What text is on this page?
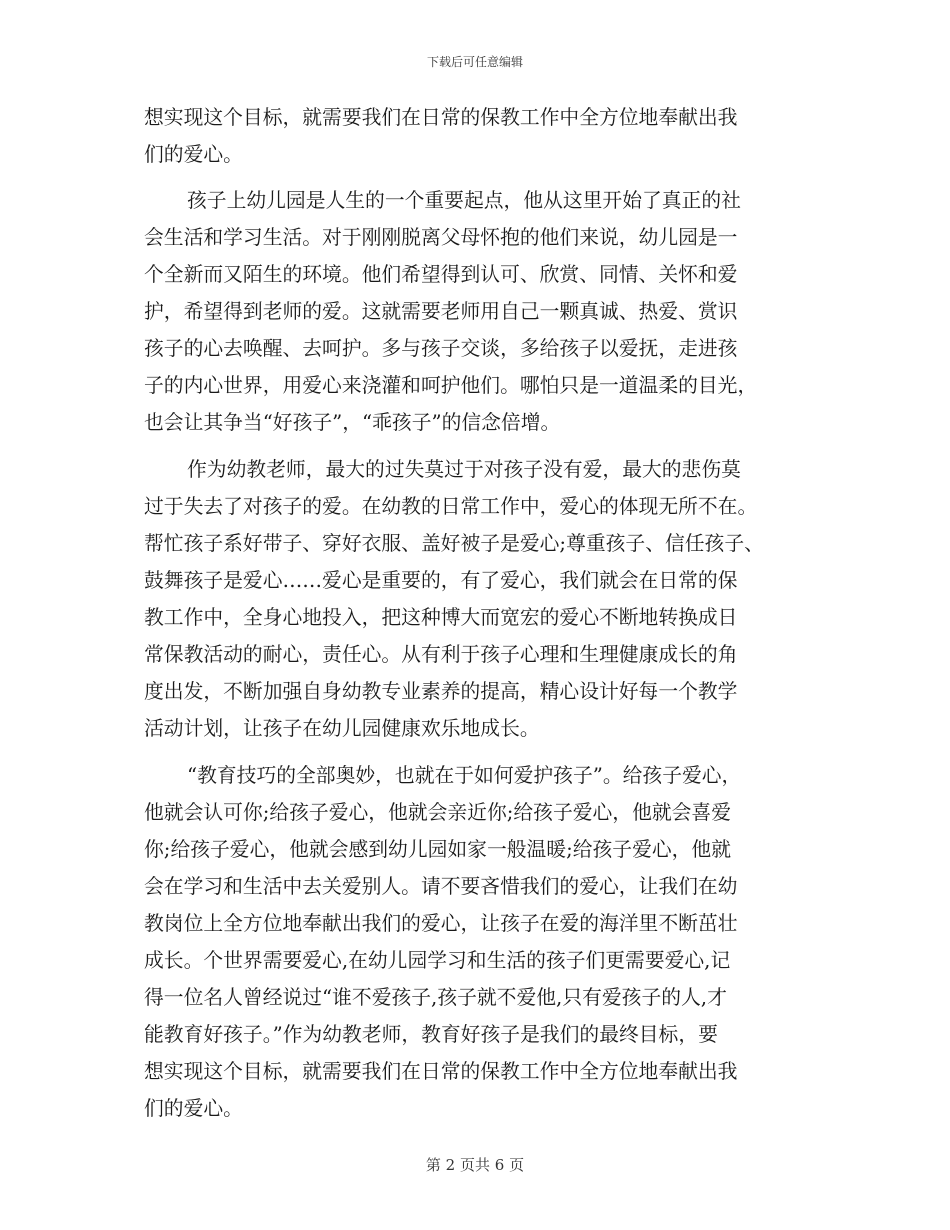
下载后可任意编辑
想实现这个目标，就需要我们在日常的保教工作中全方位地奉献出我
们的爱心。
孩子上幼儿园是人生的一个重要起点，他从这里开始了真正的社
会生活和学习生活。对于刚刚脱离父母怀抱的他们来说，幼儿园是一
个全新而又陌生的环境。他们希望得到认可、欣赏、同情、关怀和爱
护，希望得到老师的爱。这就需要老师用自己一颗真诚、热爱、赏识
孩子的心去唤醒、去呵护。多与孩子交谈，多给孩子以爱抚，走进孩
子的内心世界，用爱心来浇灌和呵护他们。哪怕只是一道温柔的目光，
也会让其争当“好孩子”，“乖孩子”的信念倍增。
作为幼教老师，最大的过失莫过于对孩子没有爱，最大的悲伤莫
过于失去了对孩子的爱。在幼教的日常工作中，爱心的体现无所不在。
帮忙孩子系好带子、穿好衣服、盖好被子是爱心;尊重孩子、信任孩子、
鼓舞孩子是爱心……爱心是重要的，有了爱心，我们就会在日常的保
教工作中，全身心地投入，把这种博大而宽宏的爱心不断地转换成日
常保教活动的耐心，责任心。从有利于孩子心理和生理健康成长的角
度出发，不断加强自身幼教专业素养的提高，精心设计好每一个教学
活动计划，让孩子在幼儿园健康欢乐地成长。
“教育技巧的全部奥妙，也就在于如何爱护孩子”。给孩子爱心，
他就会认可你;给孩子爱心，他就会亲近你;给孩子爱心，他就会喜爱
你;给孩子爱心，他就会感到幼儿园如家一般温暖;给孩子爱心，他就
会在学习和生活中去关爱别人。请不要吝惜我们的爱心，让我们在幼
教岗位上全方位地奉献出我们的爱心，让孩子在爱的海洋里不断茁壮
成长。个世界需要爱心,在幼儿园学习和生活的孩子们更需要爱心,记
得一位名人曾经说过“谁不爱孩子,孩子就不爱他,只有爱孩子的人,才
能教育好孩子。”作为幼教老师，教育好孩子是我们的最终目标，要
想实现这个目标，就需要我们在日常的保教工作中全方位地奉献出我
们的爱心。
第 2 页共 6 页
